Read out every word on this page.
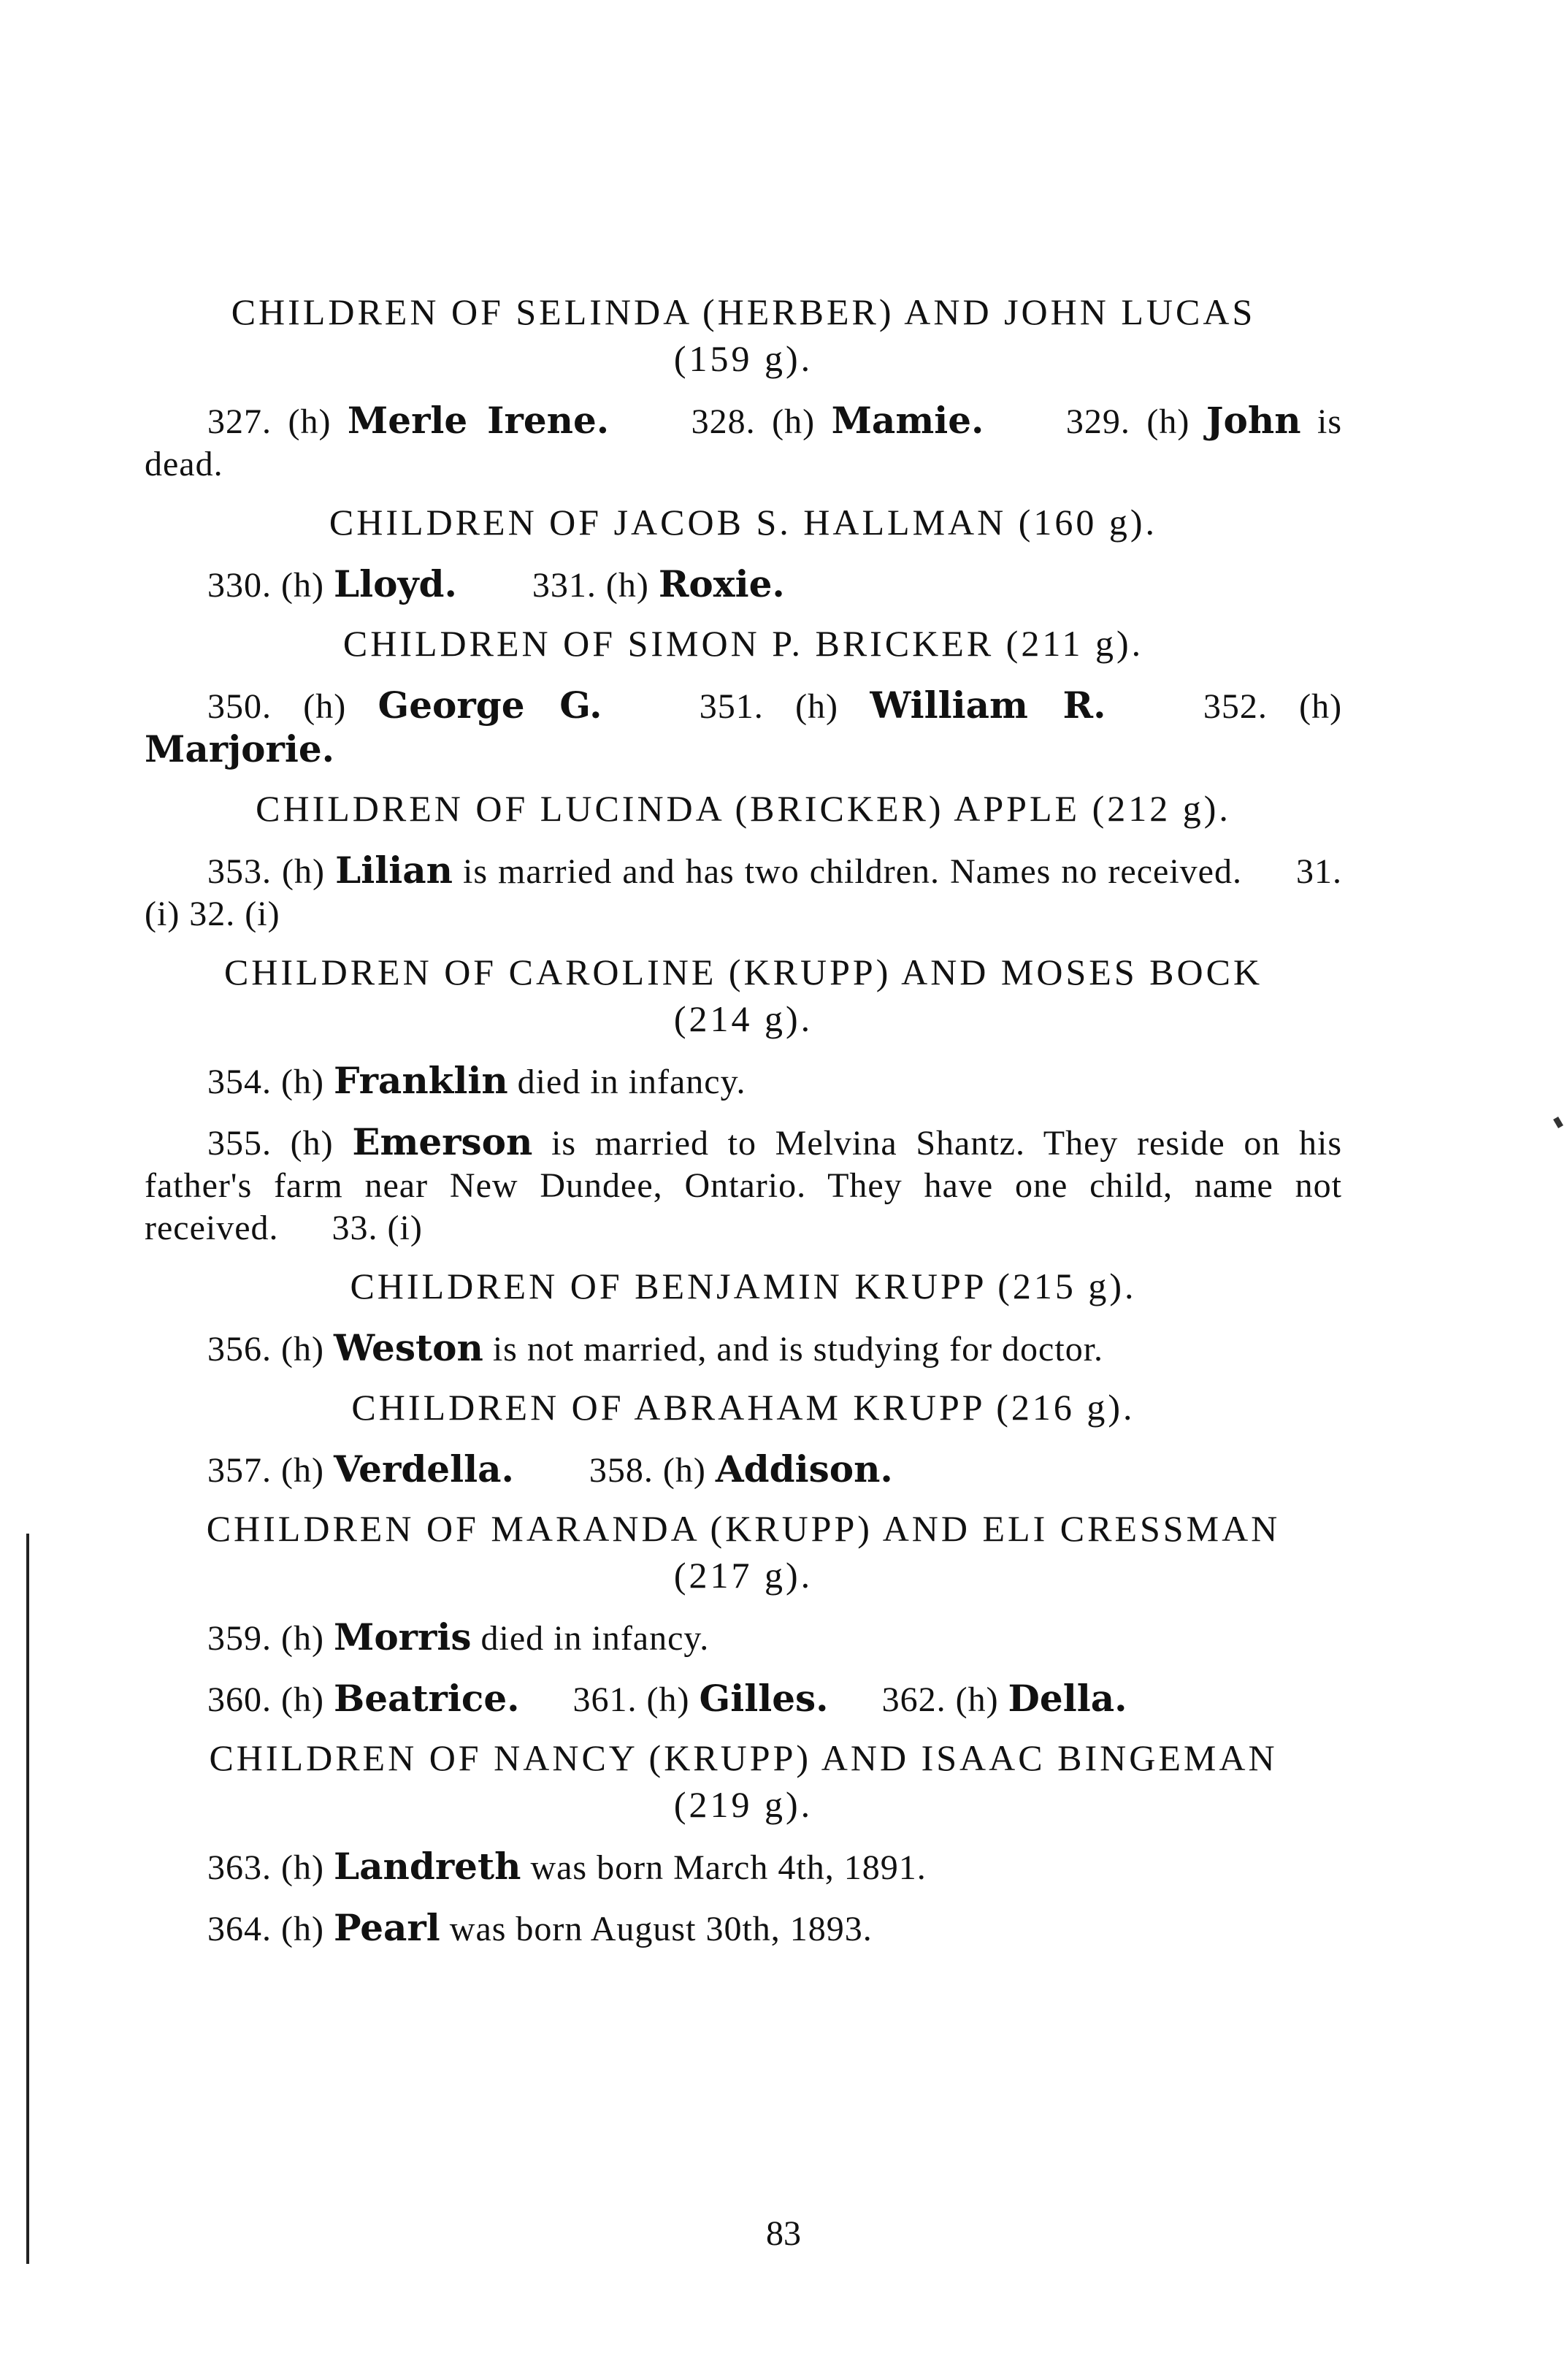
CHILDREN OF SELINDA (HERBER) AND JOHN LUCAS

(159 g).

327. (h) Merle Irene. 328. (h) Mamie. 329. (h) John is dead.

CHILDREN OF JACOB S. HALLMAN (160 g).

330. (h) Lloyd. 331. (h) Roxie.

CHILDREN OF SIMON P. BRICKER (211 g).

350. (h) George G.	351. (h) William R.	352. (h) Marjorie.

CHILDREN OF LUCINDA (BRICKER) APPLE (212 g).

353. (h) Lilian is married and has two children. Names no received. 31. (i) 32. (i)

CHILDREN OF CAROLINE (KRUPP) AND MOSES BOCK

(214 g).

354. (h) Franklin died in infancy.

355. (h) Emerson is married to Melvina Shantz. They reside on his father's farm near New Dundee, Ontario. They have one child, name not received. 33. (i)

CHILDREN OF BENJAMIN KRUPP (215 g).

356. (h) Weston is not married, and is studying for doctor.

CHILDREN OF ABRAHAM KRUPP (216 g).

357. (h) Verdella. 358. (h) Addison.

CHILDREN OF MARANDA (KRUPP) AND ELI CRESSMAN

(217 g).

359. (h) Morris died in infancy.

360. (h) Beatrice. 361. (h) Gilles. 362. (h) Della.

CHILDREN OF NANCY (KRUPP) AND ISAAC BINGEMAN

(219 g).

363. (h) Landreth was born March 4th, 1891.

364. (h) Pearl was born August 30th, 1893.

83
